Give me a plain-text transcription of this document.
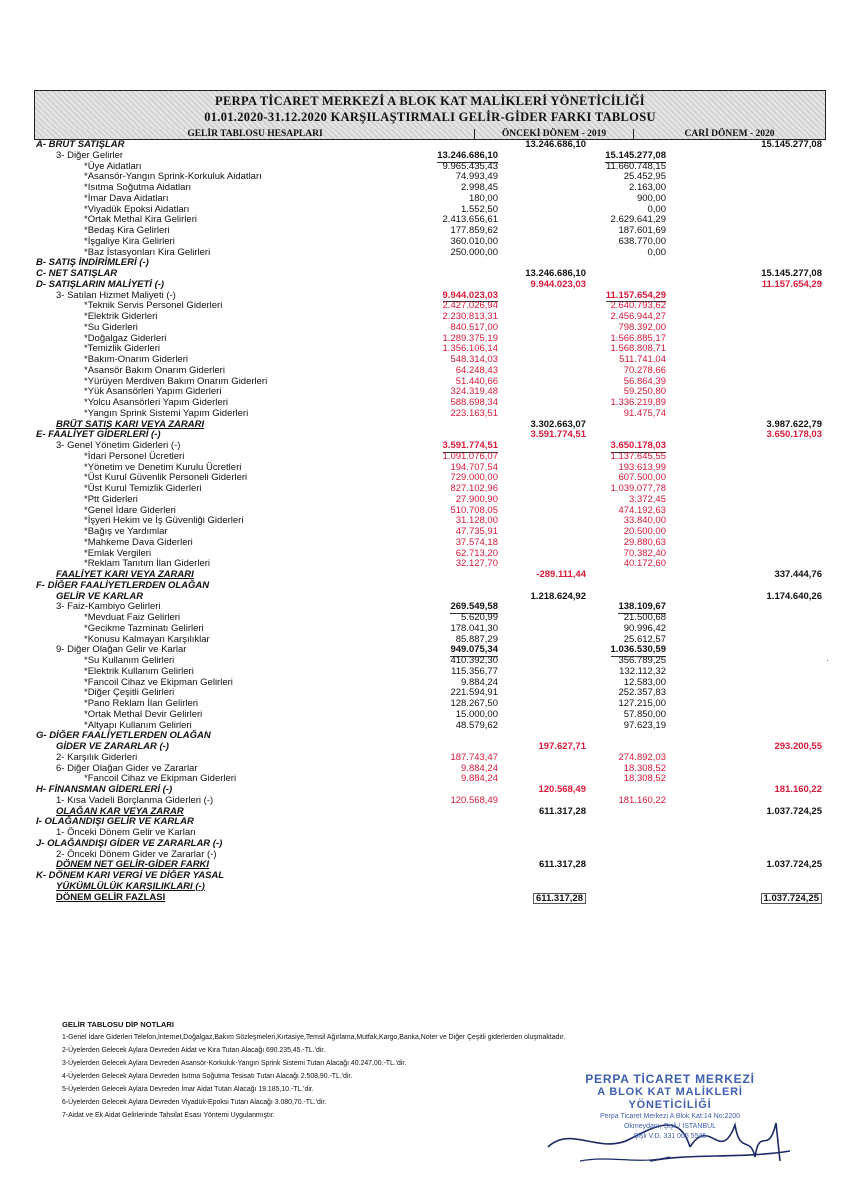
PERPA TİCARET MERKEZİ A BLOK KAT MALİKLERİ YÖNETİCİLİĞİ
01.01.2020-31.12.2020 KARŞILAŞTIRMALI GELİR-GİDER FARKI TABLOSU
GELİR TABLOSU HESAPLARI	ÖNCEKİ DÖNEM - 2019	CARİ DÖNEM - 2020
A- BRÜT SATIŞLAR	13.246.686,10	15.145.277,08
3- Diğer Gelirler	13.246.686,10	15.145.277,08
*Üye Aidatları	9.965.435,43	11.660.748,15
*Asansör-Yangın Sprink-Korkuluk Aidatları	74.993,49	25.452,95
*Isıtma Soğutma Aidatları	2.998,45	2.163,00
*İmar Dava Aidatları	180,00	900,00
*Viyadük Epoksi Aidatları	1.552,50	0,00
*Ortak Methal Kira Gelirleri	2.413.656,61	2.629.641,29
*Bedaş Kira Gelirleri	177.859,62	187.601,69
*İşgaliye Kira Gelirleri	360.010,00	638.770,00
*Baz İstasyonları Kira Gelirleri	250.000,00	0,00
B- SATIŞ İNDİRİMLERİ (-)
C- NET SATIŞLAR	13.246.686,10	15.145.277,08
D- SATIŞLARIN MALİYETİ (-)	9.944.023,03	11.157.654,29
3- Satılan Hizmet Maliyeti (-)	9.944.023,03	11.157.654,29
*Teknik Servis Personel Giderleri	2.427.026,94	2.640.793,62
*Elektrik Giderleri	2.230.813,31	2.456.944,27
*Su Giderleri	840.517,00	798.392,00
*Doğalgaz Giderleri	1.289.375,19	1.566.885,17
*Temizlik Giderleri	1.356.106,14	1.568.808,71
*Bakım-Onarım Giderleri	548.314,03	511.741,04
*Asansör Bakım Onarım Giderleri	64.248,43	70.278,66
*Yürüyen Merdiven Bakım Onarım Giderleri	51.440,66	56.864,39
*Yük Asansörleri Yapım Giderleri	324.319,48	59.250,80
*Yolcu Asansörleri Yapım Giderleri	588.698,34	1.336.219,89
*Yangın Sprink Sistemi Yapım Giderleri	223.163,51	91.475,74
BRÜT SATIŞ KARI VEYA ZARARI	3.302.663,07	3.987.622,79
E- FAALİYET GİDERLERİ (-)	3.591.774,51	3.650.178,03
3- Genel Yönetim Giderleri (-)	3.591.774,51	3.650.178,03
*İdari Personel Ücretleri	1.091.076,07	1.137.645,55
*Yönetim ve Denetim Kurulu Ücretleri	194.707,54	193.613,99
*Üst Kurul Güvenlik Personeli Giderleri	729.000,00	607.500,00
*Üst Kurul Temizlik Giderleri	827.102,96	1.039.077,78
*Ptt Giderleri	27.900,90	3.372,45
*Genel İdare Giderleri	510.708,05	474.192,63
*İşyeri Hekim ve İş Güvenliği Giderleri	31.128,00	33.840,00
*Bağış ve Yardımlar	47.735,91	20.500,00
*Mahkeme Dava Giderleri	37.574,18	29.880,63
*Emlak Vergileri	62.713,20	70.382,40
*Reklam Tanıtım İlan Giderleri	32.127,70	40.172,60
FAALİYET KARI VEYA ZARARI	-289.111,44	337.444,76
F- DİĞER FAALİYETLERDEN OLAĞAN
GELİR VE KARLAR	1.218.624,92	1.174.640,26
3- Faiz-Kambiyo Gelirleri	269.549,58	138.109,67
*Mevduat Faiz Gelirleri	5.620,99	21.500,68
*Gecikme Tazminatı Gelirleri	178.041,30	90.996,42
*Konusu Kalmayan Karşılıklar	85.887,29	25.612,57
9- Diğer Olağan Gelir ve Karlar	949.075,34	1.036.530,59
*Su Kullanım Gelirleri	410.392,30	356.789,25
*Elektrik Kullanım Gelirleri	115.356,77	132.112,32
*Fancoil Cihaz ve Ekipman Gelirleri	9.884,24	12.583,00
*Diğer Çeşitli Gelirleri	221.594,91	252.357,83
*Pano Reklam İlan Gelirleri	128.267,50	127.215,00
*Ortak Methal Devir Gelirleri	15.000,00	57.850,00
*Altyapı Kullanım Gelirleri	48.579,62	97.623,19
G- DİĞER FAALİYETLERDEN OLAĞAN
GİDER VE ZARARLAR (-)	197.627,71	293.200,55
2- Karşılık Giderleri	187.743,47	274.892,03
6- Diğer Olağan Gider ve Zararlar	9.884,24	18.308,52
*Fancoil Cihaz ve Ekipman Giderleri	9.884,24	18.308,52
H- FİNANSMAN GİDERLERİ (-)	120.568,49	181.160,22
1- Kısa Vadeli Borçlanma Giderleri (-)	120.568,49	181.160,22
OLAĞAN KAR VEYA ZARAR	611.317,28	1.037.724,25
I- OLAĞANDIŞI GELİR VE KARLAR
1- Önceki Dönem Gelir ve Karları
J- OLAĞANDIŞI GİDER VE ZARARLAR (-)
2- Önceki Dönem Gider ve Zararlar (-)
DÖNEM NET GELİR-GİDER FARKI	611.317,28	1.037.724,25
K- DÖNEM KARI VERGİ VE DİĞER YASAL
YÜKÜMLÜLÜK KARŞILIKLARI (-)
DÖNEM GELİR FAZLASI	611.317,28	1.037.724,25
·
GELİR TABLOSU DİP NOTLARI
1-Genel İdare Giderleri Telefon,İnternet,Doğalgaz,Bakım Sözleşmeleri,Kırtasiye,Temsil Ağırlama,Mutfak,Kargo,Banka,Noter ve Diğer Çeşitli giderlerden oluşmaktadır.
2-Üyelerden Gelecek Aylara Devreden Aidat ve Kira Tutarı Alacağı 690.235,45.-TL.'dir.
3-Üyelerden Gelecek Aylara Devreden Asansör-Korkuluk-Yangın Sprink Sistemi Tutarı Alacağı 40.247,00.-TL.'dir.
4-Üyelerden Gelecek Aylara Devreden Isıtma Soğutma Tesisatı Tutarı Alacağı 2.508,90.-TL.'dir.
5-Üyelerden Gelecek Aylara Devreden İmar Aidat Tutarı Alacağı 19.185,10.-TL.'dir.
6-Üyelerden Gelecek Aylara Devreden Viyadük-Epoksi Tutarı Alacağı 3.080,70.-TL.'dir.
7-Aidat ve Ek Aidat Gelirlerinde Tahsilat Esası Yöntemi Uygulanmıştır.
PERPA TİCARET MERKEZİ
A BLOK KAT MALİKLERİ
YÖNETİCİLİĞİ
Perpa Ticaret Merkezi A Blok Kat:14 No:2200
Okmeydanı, Şişli / İSTANBUL
Şişli V.D. 331 005 5545
